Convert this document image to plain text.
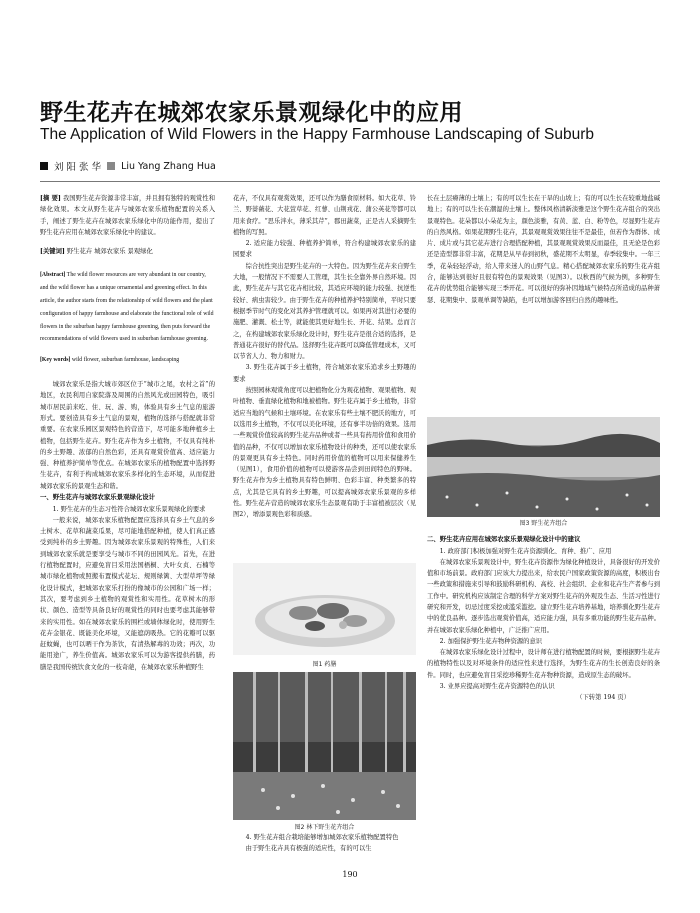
野生花卉在城郊农家乐景观绿化中的应用
The Application of Wild Flowers in the Happy Farmhouse Landscaping of Suburb
刘 阳 张 华 Liu Yang Zhang Hua

[摘 要] 我国野生花卉资源非常丰富，并且拥有独特的观赏性和绿化效果。本文从野生花卉与城郊农家乐植物配置的关系入手，阐述了野生花卉在城郊农家乐绿化中的功能作用，提出了野生花卉应用在城郊农家乐绿化中的建议。

[关键词] 野生花卉 城郊农家乐 景观绿化

[Abstract] The wild flower resources are very abundant in our country, and the wild flower has a unique ornamental and greening effect. In this article, the author starts from the relationship of wild flowers and the plant configuration of happy farmhouse and elaborate the functional role of wild flowers in the suburban happy farmhouse greening, then puts forward the recommendations of wild flowers used in suburban farmhouse greening.

[Key words] wild flower, suburban farmhouse, landscaping

城郊农家乐是指大城市郊区位于“城市之尾，农村之首”的地区，农民利用自家院落及周围的自然风光或田园特色，吸引城市居民前来吃、住、玩、游、购，体验具有乡土气息的旅游形式。要创造具有乡土气息的景观，植物的选择与搭配就非常重要。在农家乐园区景观特色的营造下，尽可能多地种植乡土植物，包括野生花卉。野生花卉作为乡土植物，不仅具有纯朴的乡土野趣、浓郁的自然色彩，还具有观赏价值高、适应能力强、种植养护简单等优点。在城郊农家乐的植物配置中选择野生花卉，有利于构成城郊农家乐多样化的生态环境，从而促进城郊农家乐的景观生态和谐。

一、野生花卉与城郊农家乐景观绿化设计

1. 野生花卉的生态习性符合城郊农家乐景观绿化的要求

一般来说，城郊农家乐植物配置应选择具有乡土气息的乡土树木、花草和蔬菜瓜果，尽可能地搭配种植，使人们真正感受到纯朴的乡土野趣。因为城郊农家乐景观的特殊性，人们来到城郊农家乐就是要享受与城市不同的田园风光。首先，在进行植物配置时，应避免盲目采用法国梧桐、大叶女贞、石楠等城市绿化植物或照搬布置模式花坛、规则绿篱、大型草坪等绿化设计模式，把城郊农家乐打扮的像城市的公园和广场一样；其次，要考虑到乡土植物的观赏性和实用性。花草树木的形状、颜色、造型等具备良好的观赏性的同时也要考虑其能够带来的实用性。如在城郊农家乐的围栏或墙体绿化时，使用野生花卉金银花、既能美化环境，又能遮荫吸热。它的花瓣可以驱赶蚊蝇，也可以晒干作为茶饮，有清热解毒的功效；再次，功能用途广，养生价值高。城郊农家乐可以为游客提供药膳，药膳是我国传统饮食文化的一枝奇葩，在城郊农家乐种植野生

花卉，不仅具有观赏效果，还可以作为膳食原材料。如大花草、铃兰、野蔷薇花、大花萱草花、红蓼、山荆戎花、蒲公英花等都可以用来食疗。“思乐泮水，薄采其芹”，郡田蔬菜，正是古人采摘野生植物的写照。

2. 适应能力较强、种植养护简单，符合构建城郊农家乐的建园要求

综合抗性突出是野生花卉的一大特色。因为野生花卉来自野生大地，一般情况下不需要人工管理，其生长全靠外界自然环境。因此，野生花卉与其它花卉相比较，其适应环境的能力较强、抗逆性较好、病虫害较少。由于野生花卉的种植养护特别简单，平时只要根据季节时气的变化对其养护管理就可以。如果再对其进行必要的施肥、灌溉、松土等，就能使其更好地生长、开花、结果。总而言之，在构建城郊农家乐绿化设计时，野生花卉是很合适的选择，是普通花卉很好的替代品。选择野生花卉既可以降低管理成本，又可以节省人力、物力和财力。

3. 野生花卉属于乡土植物，符合城郊农家乐追求乡土野趣的要求

按照园林观赏角度可以把植物化分为观花植物、观果植物、观叶植物、垂直绿化植物和地被植物。野生花卉属于乡土植物，非常适应当地的气候和土壤环境。在农家乐有些土壤不肥沃的地方，可以选用乡土植物，不仅可以美化环境，还有事半功倍的效果。选用一些观赏价值较高的野生花卉品种或者一些具有药用价值和食用价值的品种，不仅可以增加农家乐植物设计的种类，还可以使农家乐的景观更具有乡土特色。同时药用价值的植物可以用来保健养生（见图1），食用价值的植物可以使游客品尝到田间特色的野味。野生花卉作为乡土植物具有特色鲜明、色彩丰富、种类繁多的特点，尤其是它具有的乡土野趣，可以提高城郊农家乐景观的多样性。野生花卉营造的城郊农家乐生态景观有助于丰富植被层次（见图2），增添景观色彩和质感。

图1 药膳
图2 林下野生花卉组合

4. 野生花卉组合栽培能够增加城郊农家乐植物配置特色

由于野生花卉具有极强的适应性，有的可以生

长在土层瘠薄的土壤上；有的可以生长在干旱的山坡上；有的可以生长在较重地盐碱地上；有的可以生长在潮湿的土壤上。整体风格清新淡雅是这个野生花卉组合的突出景观特色。花朵都以小朵花为主，颜色淡雅，有黄、蓝、白、粉等色，尽显野生花卉的自然风格。如果花期野生花卉，其景观观赏效果往往不是最佳，但若作为群体、成片、成片或与其它花卉进行合理搭配种植，其景观观赏效果反而最佳，且无论是色彩还是造型都非常丰富，花期是从早春到初秋，盛花期不太明显，春季较集中。一年三季，花朵轻轻浮动，给人带来迷人的山野气息。精心搭配城郊农家乐的野生花卉组合，能够达到很好且很有特色的景观效果（见图3）。以秋西的气候为例，多种野生花卉的优势组合能够实现三季开花。可以很好的弥补因地域气候特点所造成的品种萧瑟、花期集中、景观单调等缺陷，也可以增加游客回归自然的趣味性。

图3 野生花卉组合
二、野生花卉应用在城郊农家乐景观绿化设计中的建议

1. 政府部门积极加强对野生花卉资源驯化、育种、推广、应用

在城郊农家乐景观设计中，野生花卉资源作为绿化种植设计，具备很好的开发价值和市场前景。政府部门应该大力提出来，给农民户国家政策资源的高度，积极出台一些政策和措施来引导和鼓励科研机构、高校、社会组织、企业和花卉生产者参与到工作中。研究机构应该制定合理的科学方案对野生花卉的外观及生态、生活习性进行研究和开发，切忌过度采挖或滥采滥挖。建立野生花卉培养基地，培养驯化野生花卉中的优良品种。逐步选出观赏价值高，适应能力强，具有多重功能的野生花卉品种。并在城郊农家乐绿化种植中，广泛推广应用。

2. 加强保护野生花卉物种资源的意识

在城郊农家乐绿化设计过程中，设计师在进行植物配置的时候，要根据野生花卉的植物特性以及对环境条件的适应性来进行选择，为野生花卉的生长创造良好的条件。同时，也应避免盲目采挖珍稀野生花卉物种资源，造成原生态的破坏。

3. 业界应提高对野生花卉资源特色的认识

（下转第 194 页）

190
